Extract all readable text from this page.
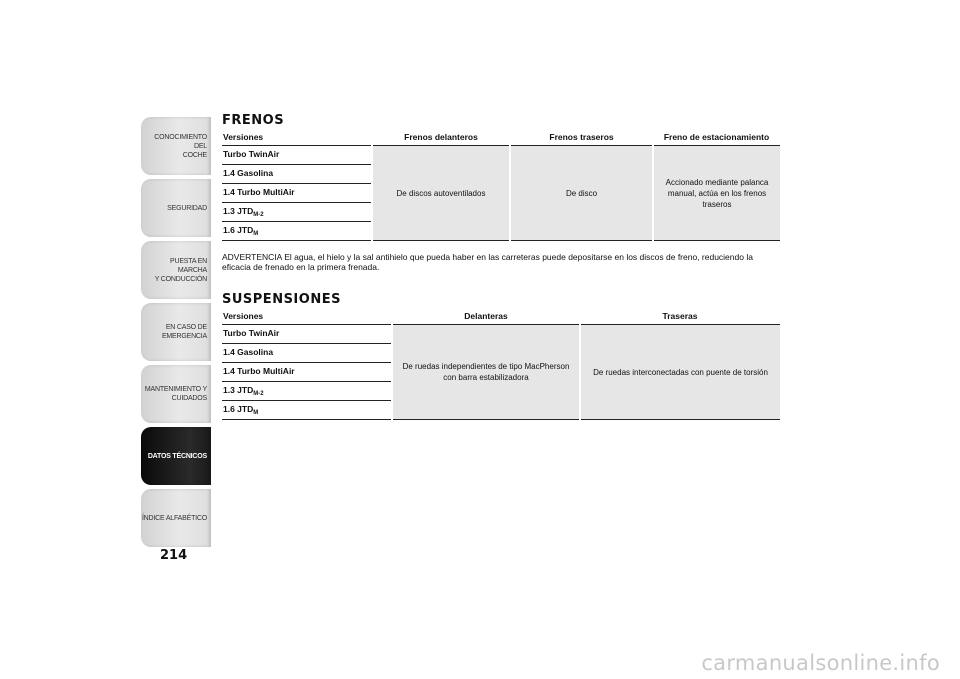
CONOCIMIENTO DEL
COCHE
SEGURIDAD
PUESTA EN MARCHA
Y CONDUCCIÓN
EN CASO DE
EMERGENCIA
MANTENIMIENTO Y
CUIDADOS
DATOS TÉCNICOS
ÍNDICE ALFABÉTICO
214
FRENOS
Versiones	Frenos delanteros	Frenos traseros	Freno de estacionamiento
Turbo TwinAir	De discos autoventilados	De disco	Accionado mediante palanca manual, actúa en los frenos traseros
1.4 Gasolina			
1.4 Turbo MultiAir			
1.3 $JTD_{M-2}$
1.6 $JTD_M$
ADVERTENCIA El agua, el hielo y la sal antihielo que pueda haber en las carreteras puede depositarse en los discos de freno, reduciendo la eficacia de frenado en la primera frenada.
SUSPENSIONES
Versiones	Delanteras	Traseras
Turbo TwinAir	De ruedas independientes de tipo MacPherson con barra estabilizadora	De ruedas interconectadas con puente de torsión
1.4 Gasolina		
1.4 Turbo MultiAir		
1.3 $JTD_{M-2}$
1.6 $JTD_M$
carmanualsonline.info
